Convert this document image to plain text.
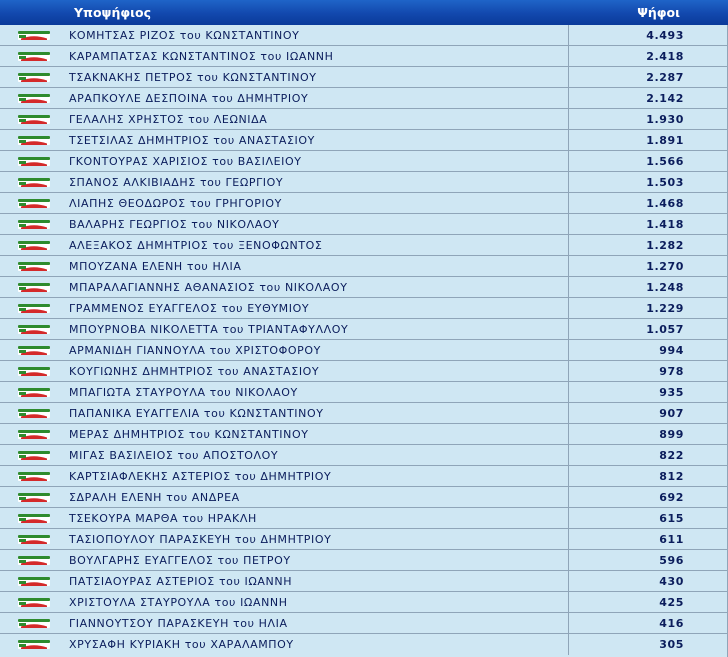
Υποψήφιος	Ψήφοι
ΚΟΜΗΤΣΑΣ ΡΙΖΟΣ του ΚΩΝΣΤΑΝΤΙΝΟΥ	4.493
ΚΑΡΑΜΠΑΤΣΑΣ ΚΩΝΣΤΑΝΤΙΝΟΣ του ΙΩΑΝΝΗ	2.418
ΤΣΑΚΝΑΚΗΣ ΠΕΤΡΟΣ του ΚΩΝΣΤΑΝΤΙΝΟΥ	2.287
ΑΡΑΠΚΟΥΛΕ ΔΕΣΠΟΙΝΑ του ΔΗΜΗΤΡΙΟΥ	2.142
ΓΕΛΑΛΗΣ ΧΡΗΣΤΟΣ του ΛΕΩΝΙΔΑ	1.930
ΤΣΕΤΣΙΛΑΣ ΔΗΜΗΤΡΙΟΣ του ΑΝΑΣΤΑΣΙΟΥ	1.891
ΓΚΟΝΤΟΥΡΑΣ ΧΑΡΙΣΙΟΣ του ΒΑΣΙΛΕΙΟΥ	1.566
ΣΠΑΝΟΣ ΑΛΚΙΒΙΑΔΗΣ του ΓΕΩΡΓΙΟΥ	1.503
ΛΙΑΠΗΣ ΘΕΟΔΩΡΟΣ του ΓΡΗΓΟΡΙΟΥ	1.468
ΒΑΛΑΡΗΣ ΓΕΩΡΓΙΟΣ του ΝΙΚΟΛΑΟΥ	1.418
ΑΛΕΞΑΚΟΣ ΔΗΜΗΤΡΙΟΣ του ΞΕΝΟΦΩΝΤΟΣ	1.282
ΜΠΟΥΖΑΝΑ ΕΛΕΝΗ του ΗΛΙΑ	1.270
ΜΠΑΡΑΛΑΓΙΑΝΝΗΣ ΑΘΑΝΑΣΙΟΣ του ΝΙΚΟΛΑΟΥ	1.248
ΓΡΑΜΜΕΝΟΣ ΕΥΑΓΓΕΛΟΣ του ΕΥΘΥΜΙΟΥ	1.229
ΜΠΟΥΡΝΟΒΑ ΝΙΚΟΛΕΤΤΑ του ΤΡΙΑΝΤΑΦΥΛΛΟΥ	1.057
ΑΡΜΑΝΙΔΗ ΓΙΑΝΝΟΥΛΑ του ΧΡΙΣΤΟΦΟΡΟΥ	994
ΚΟΥΓΙΩΝΗΣ ΔΗΜΗΤΡΙΟΣ του ΑΝΑΣΤΑΣΙΟΥ	978
ΜΠΑΓΙΩΤΑ ΣΤΑΥΡΟΥΛΑ του ΝΙΚΟΛΑΟΥ	935
ΠΑΠΑΝΙΚΑ ΕΥΑΓΓΕΛΙΑ του ΚΩΝΣΤΑΝΤΙΝΟΥ	907
ΜΕΡΑΣ ΔΗΜΗΤΡΙΟΣ του ΚΩΝΣΤΑΝΤΙΝΟΥ	899
ΜΙΓΑΣ ΒΑΣΙΛΕΙΟΣ του ΑΠΟΣΤΟΛΟΥ	822
ΚΑΡΤΣΙΑΦΛΕΚΗΣ ΑΣΤΕΡΙΟΣ του ΔΗΜΗΤΡΙΟΥ	812
ΣΔΡΑΛΗ ΕΛΕΝΗ του ΑΝΔΡΕΑ	692
ΤΣΕΚΟΥΡΑ ΜΑΡΘΑ του ΗΡΑΚΛΗ	615
ΤΑΣΙΟΠΟΥΛΟΥ ΠΑΡΑΣΚΕΥΗ του ΔΗΜΗΤΡΙΟΥ	611
ΒΟΥΛΓΑΡΗΣ ΕΥΑΓΓΕΛΟΣ του ΠΕΤΡΟΥ	596
ΠΑΤΣΙΑΟΥΡΑΣ ΑΣΤΕΡΙΟΣ του ΙΩΑΝΝΗ	430
ΧΡΙΣΤΟΥΛΑ ΣΤΑΥΡΟΥΛΑ του ΙΩΑΝΝΗ	425
ΓΙΑΝΝΟΥΤΣΟΥ ΠΑΡΑΣΚΕΥΗ του ΗΛΙΑ	416
ΧΡΥΣΑΦΗ ΚΥΡΙΑΚΗ του ΧΑΡΑΛΑΜΠΟΥ	305
